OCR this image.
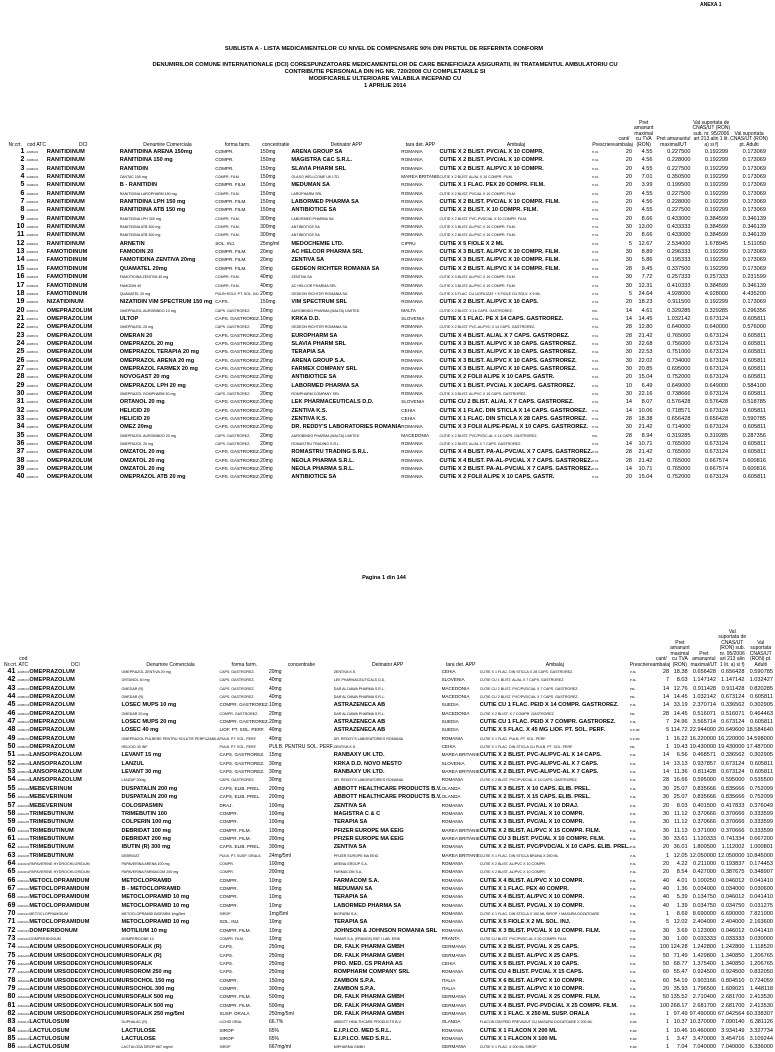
ANEXA 1
SUBLISTA A - LISTA MEDICAMENTELOR CU NIVEL DE COMPENSARE 90% DIN PRETUL DE REFERINTA CONFORM
DENUMIRILOR COMUNE INTERNATIONALE (DCI) CORESPUNZATOARE MEDICAMENTELOR DE CARE BENEFICIAZA ASIGURATII, IN TRATAMENTUL AMBULATORIU CU CONTRIBUTIE PERSONALA DIN HG NR. 720/2008 CU COMPLETARILE SI
MODIFICARILE ULTERIOARE VALABILA INCEPAND CU
1 APRILIE 2014
Nr.crt.	cod ATC	DCI	Denumire Comerciala	forma farm.	concentratie	Detinator APP	tara det. APP	Ambalaj	Prescriere	cant/ ambalaj	Pret amanunt maximal cu TVA (RON)	Pret amanuntul maximal/UT	Val suportata de CNAS/UT (RON) sub. nr. 95/2006 art 213 alin 1 lit. a) si f)	Val suportata CNAS/UT (RON) pt. Adulti
1	A02BA02	RANITIDINUM	RANITIDINA ARENA 150mg	COMPR.	150mg	ARENA GROUP SA	ROMANIA	CUTIE X 2 BLIST. PVC/AL X 10 COMPR.	P-6L	20	4.55	0.227500	0.192299	0.173069
2	A02BA02	RANITIDINUM	RANITIDINA 150 mg	COMPR.	150mg	MAGISTRA C&C S.R.L.	ROMANIA	CUTIE X 2 BLIST. PVC/AL X 10 COMPR.	P-6L	20	4.56	0.228000	0.192299	0.173069
3	A02BA02	RANITIDINUM	RANITIDIN	COMPR.	150mg	SLAVIA PHARM SRL	ROMANIA	CUTIE X 2 BLIST. AL/PVC X 10 COMPR.	P-6L	20	4.55	0.227500	0.192299	0.173069
4	A02BA02	RANITIDINUM	ZANTAC 150 mg	COMPR. FILM.	150mg	GLAXO WELLCOME UK LTD.	MAREA BRITANIE	CUTIE X 2 BLIST. AL/AL X 10 COMPR. FILM.	P-6L	20	7.01	0.350500	0.192299	0.173069
5	A02BA02	RANITIDINUM	B - RANITIDIN	COMPR. FILM.	150mg	MEDUMAN SA	ROMANIA	CUTIE X 1 FLAC. PEX 20 COMPR. FILM.	P-6L	20	3.99	0.199500	0.192299	0.173069
6	A02BA02	RANITIDINUM	RANITIDINA LAROPHARM 150 mg	COMPR. FILM.	150mg	LAROPHARM SRL	ROMANIA	CUTIE X 2 BLIST. PVC/AL X 10 COMPR. FILM.	P-6L	20	4.55	0.227500	0.192299	0.173069
7	A02BA02	RANITIDINUM	RANITIDINA LPH 150 mg	COMPR. FILM.	150mg	LABORMED PHARMA SA	ROMANIA	CUTIE X 2 BLIST. PVC/AL X 10 COMPR. FILM.	P-6L	20	4.56	0.228000	0.192299	0.173069
8	A02BA02	RANITIDINUM	RANITIDINA ATB 150 mg	COMPR. FILM.	150mg	ANTIBIOTICE SA	ROMANIA	CUTIE X 2 BLIST. X 10 COMPR. FILM.	P-6L	20	4.55	0.227500	0.192299	0.173069
9	A02BA02	RANITIDINUM	RANITIDINA LPH 300 mg	COMPR. FILM.	300mg	LABORMED PHARMA SA	ROMANIA	CUTIE X 2 BLIST. PVC-PVDC/AL X 10 COMPR. FILM.	P-6L	20	8.66	0.433000	0.384599	0.346139
10	A02BA02	RANITIDINUM	RANITIDINA ATB 300 mg	COMPR. FILM.	300mg	ANTIBIOTICE SA	ROMANIA	CUTIE X 3 BLIST. AL/PVC X 10 COMPR. FILM.	P-6L	30	13.00	0.433333	0.384599	0.346139
11	A02BA02	RANITIDINUM	RANITIDINA ATB 300 mg	COMPR. FILM.	300mg	ANTIBIOTICE SA	ROMANIA	CUTIE X 2 BLIST. AL/PVC X 10 COMPR. FILM.	P-6L	20	8.66	0.433000	0.384599	0.346139
12	A02BA02	RANITIDINUM	ARNETIN	SOL. INJ.	25mg/ml	MEDOCHEMIE LTD.	CIPRU	CUTIE X 5 FIOLE X 2 ML	P-6L	5	12.67	2.534000	1.678945	1.511050
13	A02BA03	FAMOTIDINUM	FAMODIN 20	COMPR. FILM.	20mg	AC HELCOR PHARMA SRL	ROMANIA	CUTIE X 3 BLIST. AL/PVC X 10 COMPR. FILM.	P-6L	30	8.89	0.296333	0.192299	0.173069
14	A02BA03	FAMOTIDINUM	FAMOTIDINA ZENTIVA 20mg	COMPR. FILM.	20mg	ZENTIVA SA	ROMANIA	CUTIE X 3 BLIST. AL/PVC X 10 COMPR. FILM.	P-6L	30	5.86	0.195333	0.192299	0.173069
15	A02BA03	FAMOTIDINUM	QUAMATEL 20mg	COMPR. FILM.	20mg	GEDEON RICHTER ROMANIA SA	ROMANIA	CUTIE X 2 BLIST. AL/PVC X 14 COMPR. FILM.	P-6L	28	9.45	0.337500	0.192299	0.173069
16	A02BA03	FAMOTIDINUM	FAMOTIDINA ZENTIVA 40 mg	COMPR. FILM.	40mg	ZENTIVA SA	ROMANIA	CUTIE X 3 BLIST. AL/PVC X 10 COMPR. FILM.	P-6L	30	7.72	0.257333	0.257333	0.231599
17	A02BA03	FAMOTIDINUM	FAMODIN 40	COMPR. FILM.	40mg	AC HELCOR PHARMA SRL	ROMANIA	CUTIE X 3 BLIST. AL/PVC X 10 COMPR. FILM.	P-6L	30	12.31	0.410333	0.384599	0.346139
18	A02BA03	FAMOTIDINUM	QUAMATEL 20 mg	PULB+SOLV. PT. SOL. INJ.	20mg	GEDEON RICHTER ROMANIA SA	ROMANIA	CUTIE X 5 FLAC. CU LIOFILIZAT + 5 FIOLE CU SOLV. X 5 ML	P-6L	5	24.64	4.928000	4.928000	4.435200
19	A02BA04	NIZATIDINUM	NIZATIDIN VIM SPECTRUM 150 mg	CAPS.	150mg	VIM SPECTRUM SRL	ROMANIA	CUTIE X 2 BLIST. AL/PVC X 10 CAPS.	P-6L	20	18.23	0.911500	0.192299	0.173069
20	A02BC01	OMEPRAZOLUM	OMEPRAZOL AUROBINDO 10 mg	CAPS. GASTROREZ.	10mg	AUROBINDO PHARMA (MALTA) LIMITED	MALTA	CUTIE X 2 BLIST. X 14 CAPS. GASTROREZ.	P6L	14	4.61	0.329285	0.329285	0.296356
21	A02BC01	OMEPRAZOLUM	ULTOP	CAPS. GASTROREZ.	10mg	KRKA D.D.	SLOVENIA	CUTIE X 1 FLAC. PE X 14 CAPS. GASTROREZ.	P-6L	14	14.45	1.032142	0.673124	0.605811
22	A02BC01	OMEPRAZOLUM	OMEPRAZOL 20 mg	CAPS. GASTROREZ.	20mg	GEDEON RICHTER ROMANIA SA	ROMANIA	CUTIE X 2 BLIST. PVC-AL/PVC X 14 CAPS. GASTROREZ.	P-6L	28	12.80	0.640000	0.640000	0.576000
23	A02BC01	OMEPRAZOLUM	OMERAN 20	CAPS. GASTROREZ.	20mg	EUROPHARM SA	ROMANIA	CUTIE X 4 BLIST. AL/AL X 7 CAPS. GASTROREZ.	P-6L	28	21.42	0.765000	0.673124	0.605811
24	A02BC01	OMEPRAZOLUM	OMEPRAZOL 20 mg	CAPS. GASTROREZ.	20mg	SLAVIA PHARM SRL	ROMANIA	CUTIE X 3 BLIST. AL/PVC X 10 CAPS. GASTROREZ.	P-6L	30	22.68	0.756000	0.673124	0.605811
25	A02BC01	OMEPRAZOLUM	OMEPRAZOL TERAPIA 20 mg	CAPS. GASTROREZ.	20mg	TERAPIA SA	ROMANIA	CUTIE X 3 BLIST. AL/PVC X 10 CAPS. GASTROREZ.	P-6L	30	22.53	0.751000	0.673124	0.605811
26	A02BC01	OMEPRAZOLUM	OMEPRAZOL ARENA 20 mg	CAPS. GASTROREZ.	20mg	ARENA GROUP S.A.	ROMANIA	CUTIE X 3 BLIST. AL/PVC X 10 CAPS. GASTROREZ.	P-6L	30	22.02	0.734000	0.673124	0.605811
27	A02BC01	OMEPRAZOLUM	OMEPRAZOL FARMEX 20 mg	CAPS. GASTROREZ.	20mg	FARMEX COMPANY SRL	ROMANIA	CUTIE X 3 BLIST. AL/PVC X 10 CAPS. GASTROREZ.	P-6L	30	20.85	0.695000	0.673124	0.605811
28	A02BC01	OMEPRAZOLUM	NOVOGAST 20 mg	CAPS. GASTROREZ.	20mg	ANTIBIOTICE SA	ROMANIA	CUTIE X 2 FOLII AL/PE X 10 CAPS. GASTR.	P-6L	20	15.04	0.752000	0.673124	0.605811
29	A02BC01	OMEPRAZOLUM	OMEPRAZOL LPH 20 mg	CAPS. GASTROREZ.	20mg	LABORMED PHARMA SA	ROMANIA	CUTIE X 1 BLIST. PVC/AL X 10CAPS. GASTROREZ.	P-6L	10	6.49	0.649000	0.649000	0.584100
30	A02BC01	OMEPRAZOLUM	OMEPRAZOL ROMPHARM 20 mg	CAPS. GASTROREZ.	20mg	ROMPHARM COMPANY SRL	ROMANIA	CUTIE X 3 BLIST. AL/PVC X 10 CAPS. GASTROREZ.	P-6L	30	22.16	0.738666	0.673124	0.605811
31	A02BC01	OMEPRAZOLUM	ORTANOL 20 mg	CAPS. GASTROREZ.	20mg	LEK PHARMACEUTICALS D.D.	SLOVENIA	CUTIE CU 2 BLIST. AL/AL X 7 CAPS. GASTROREZ.	P-6L	14	8.07	0.576428	0.576428	0.518785
32	A02BC01	OMEPRAZOLUM	HELICID 20	CAPS. GASTROREZ.	20mg	ZENTIVA K.S.	CEHIA	CUTIE X 1 FLAC. DIN STICLA X 14 CAPS. GASTROREZ.	P-6L	14	10.06	0.718571	0.673124	0.605811
33	A02BC01	OMEPRAZOLUM	HELICID 20	CAPS. GASTROREZ.	20mg	ZENTIVA K.S.	CEHIA	CUTIE X 1 FLAC. DIN STICLA X 28 CAPS. GASTROREZ.	P-6L	28	18.38	0.656428	0.656428	0.590785
34	A02BC01	OMEPRAZOLUM	OMEZ 20mg	CAPS. GASTROREZ.	20mg	DR. REDDY'S LABORATORIES ROMANIA	ROMANIA	CUTIE X 3 FOLII AL/PE-PE/AL X 10 CAPS. GASTROREZ.	P-6L	30	21.42	0.714000	0.673124	0.605811
35	A02BC01	OMEPRAZOLUM	OMEPRAZOL AUROBINDO 20 mg	CAPS. GASTROREZ.	20mg	AUROBINDO PHARMA (MALTA) LIMITED	MACEDONIA	CUTIE X 2 BLIST. PVC/PVDC-AL X 14 CAPS. GASTROREZ.	P6L	28	8.94	0.319285	0.319285	0.287356
36	A02BC01	OMEPRAZOLUM	OMEPRAZOL 20 mg	CAPS. GASTROREZ.	20mg	ROMASTRU TRADING S.R.L.	ROMANIA	CUTIE X 2 BLIST. AL/AL X 7 CAPS. GASTROREZ.	P-6L	14	10.71	0.765000	0.673124	0.605811
37	A02BC01	OMEPRAZOLUM	OMZATOL 20 mg	CAPS. GASTROREZ.	20mg	ROMASTRU TRADING S.R.L.	ROMANIA	CUTIE X 4 BLIST. PA-AL-PVC/AL X 7 CAPS. GASTROREZ.	P-6L	28	21.42	0.765000	0.673124	0.605811
38	A02BC01	OMEPRAZOLUM	OMZATOL 20 mg	CAPS. GASTROREZ.	20mg	NEOLA PHARMA S.R.L.	ROMANIA	CUTIE X 4 BLIST. PA-AL-PVC/AL X 7 CAPS. GASTROREZ.	P-6L	28	21.42	0.765000	0.667574	0.600816
39	A02BC01	OMEPRAZOLUM	OMZATOL 20 mg	CAPS. GASTROREZ.	20mg	NEOLA PHARMA S.R.L.	ROMANIA	CUTIE X 2 BLIST. PA-AL-PVC/AL X 7 CAPS. GASTROREZ.	P-6L	14	10.71	0.765000	0.667574	0.600816
40	A02BC01	OMEPRAZOLUM	OMEPRAZOL ATB 20 mg	CAPS. GASTROREZ.	20mg	ANTIBIOTICE SA	ROMANIA	CUTIE X 2 FOLII AL/PE X 10 CAPS. GASTR.	P-6L	20	15.04	0.752000	0.673124	0.605811
Pagina 1 din 144
Nr.crt.	cod ATC	DCI	Denumire Comerciala	forma farm.	concentratie	Detinator APP	tara det. APP	Ambalaj	Prescriere	cant/ ambalaj	Pret amanunt maximal cu TVA (RON)	Pret amanuntul maximal/UT	Val suportata de CNAS/UT (RON) sub. nr. 95/2006 art 213 alin 1 lit. a) si f)	Val suportata CNAS/UT (RON) pt. Adulti
41	A02BC01	OMEPRAZOLUM	OMEPRAZOL ZENTIVA 20 mg	CAPS. GASTROREZ.	20mg	ZENTIVA K.S.	CEHIA	CUTIE X 1 FLAC. DIN STICLA X 28 CAPS. GASTROREZ.	P-6L	28	18.38	0.656428	0.656428	0.590785
42	A02BC01	OMEPRAZOLUM	ORTANOL 40 mg	CAPS. GASTROREZ.	40mg	LEK PHARMACEUTICALS D.D.	SLOVENIA	CUTIE CU 1 BLIST. AL/AL X 7 CAPS. GASTROREZ.	P-6L	7	8.03	1.147142	1.147142	1.032427
43	A02BC01	OMEPRAZOLUM	OMEDAR (R)	CAPS. GASTROREZ.	40mg	DAR AL DAWA PHARMA S.R.L.	MACEDONIA	CUTIE CU 2 BLIST. PVC/PVDC/AL X 7 CAPS. GASTROREZ.	P6L	14	12.76	0.911428	0.911428	0.820285
44	A02BC01	OMEPRAZOLUM	OMEDAR (R)	CAPS. GASTROREZ.	40mg	DAR AL DAWA PHARMA S.R.L.	MACEDONIA	CUTIE CU 2 BLIST. PVC/PVDC/AL X 7 CAPS. GASTROREZ.	P6L	14	14.45	1.032142	0.673124	0.605811
45	A02BC01	OMEPRAZOLUM	LOSEC MUPS 10 mg	COMPR. GASTROREZ.	10mg	ASTRAZENECA AB	SUEDIA	CUTIE CU 1 FLAC. PEID X 14 COMPR. GASTROREZ.	P-6L	14	33.19	2.370714	0.336562	0.302905
46	A02BC01	OMEPRAZOLUM	OMEDAR 20 mg	COMPR. GASTROREZ.	20mg	DAR AL DAWA PHARMA S.R.L.	MACEDONIA	CUTIE X 2 BLIST. X 7 COMPR. GASTROREZ.	P6L	28	14.45	0.516071	0.516071	0.464463
47	A02BC01	OMEPRAZOLUM	LOSEC MUPS 20 mg	COMPR. GASTROREZ.	20mg	ASTRAZENECA AB	SUEDIA	CUTIE CU 1 FLAC. PEID X 7 COMPR. GASTROREZ.	P-6L	7	24.96	3.565714	0.673124	0.605811
48	A02BC01	OMEPRAZOLUM	LOSEC 40 mg	LIOF. PT. SOL. PERF.	40mg	ASTRAZENECA AB	SUEDIA	CUTIE X 5 FLAC. X 45 MG LIOF. PT. SOL. PERF.	S-P-RF	5	114.72	22.944000	20.649600	18.584640
49	A02BC01	OMEPRAZOLUM	OMEPRAZOL PULBERE PENTRU SOLUTIE PERFUZABILA	PULB. PT. SOL. PERF.	40mg	DR. REDDY'S LABORATORIES ROMANIA	ROMANIA	CUTIE X 1 FLAC. PULB. PT. SOL. PERF.	S-P-RF	1	16.22	16.220000	16.220000	14.598000
50	A02BC01	OMEPRAZOLUM	HELICID 40 INF	PULB. PT. SOL. PERF.	PULB. PENTRU SOL. PERF.	ZENTIVA K.S.	CEHIA	CUTIE X 1 FLAC. DIN STICLA CU PULB. PT. SOL. PERF.	P6L	1	19.43	19.430000	19.430000	17.487000
51	A02BC03	LANSOPRAZOLUM	LEVANT 15 mg	CAPS. GASTROREZ.	15mg	RANBAXY UK LTD.	MAREA BRITANIE	CUTIE X 2 BLIST. PVC-AL/PVC-AL X 14 CAPS.	P-6L	14	6.56	0.468571	0.336562	0.302905
52	A02BC03	LANSOPRAZOLUM	LANZUL	CAPS. GASTROREZ.	30mg	KRKA D.D. NOVO MESTO	SLOVENIA	CUTIE X 2 BLIST. PVC-AL/PVC-AL X 7 CAPS.	P-6L	14	13.13	0.937857	0.673124	0.605811
53	A02BC03	LANSOPRAZOLUM	LEVANT 30 mg	CAPS. GASTROREZ.	30mg	RANBAXY UK LTD.	MAREA BRITANIE	CUTIE X 2 BLIST. PVC-AL/PVC-AL X 7 CAPS.	P-6L	14	11.36	0.811428	0.673124	0.605811
54	A02BC03	LANSOPRAZOLUM	LANZAP 30mg	CAPS. GASTROREZ.	30mg	DR. REDDY'S LABORATORIES ROMANIA	ROMANIA	CUTIE X 2 BLIST. PVC/PVDC/AL X 14 CAPS. GASTROREZ.	P-6L	28	16.66	0.595000	0.595000	0.535500
55	A03AA04	MEBEVERINUM	DUSPATALIN 200 mg	CAPS. ELIB. PREL.	200mg	ABBOTT HEALTHCARE PRODUCTS B.V.	OLANDA	CUTIE X 3 BLIST. X 10 CAPS. ELIB. PREL.	P-6L	30	25.07	0.835666	0.835666	0.752099
56	A03AA04	MEBEVERINUM	DUSPATALIN 200 mg	CAPS. ELIB. PREL.	200mg	ABBOTT HEALTHCARE PRODUCTS B.V.	OLANDA	CUTIE X 2 BLIST. X 15 CAPS. ELIB. PREL.	P-6L	30	25.07	0.835666	0.835666	0.752099
57	A03AA04	MEBEVERINUM	COLOSPASMIN	DRAJ.	100mg	ZENTIVA SA	ROMANIA	CUTIE X 2 BLIST. PVC/AL X 10 DRAJ.	P-6L	20	8.03	0.401500	0.417833	0.376049
58	A03AA05	TRIMEBUTINUM	TRIMEBUTIN 100	COMPR.	100mg	MAGISTRA C & C	ROMANIA	CUTIE X 3 BLIST. PVC/AL X 10 COMPR.	P-6L	30	11.12	0.370666	0.370666	0.333599
59	A03AA05	TRIMEBUTINUM	COLPERIN 100 mg	COMPR.	100mg	TERAPIA SA	ROMANIA	CUTIE X 3 BLIST. PVC/AL X 10 COMPR.	P-6L	30	11.12	0.370666	0.370666	0.333599
60	A03AA05	TRIMEBUTINUM	DEBRIDAT 100 mg	COMPR. FILM.	100mg	PFIZER EUROPE MA EEIG	MAREA BRITANIE	CUTIE X 2 BLIST. AL/PVC X 15 COMPR. FILM.	P-6L	30	11.13	0.371000	0.370666	0.333599
61	A03AA05	TRIMEBUTINUM	DEBRIDAT 200 mg	COMPR. FILM.	200mg	PFIZER EUROPE MA EEIG	MAREA BRITANIE	CUTIE CU 3 BLIST. PVC/AL X 10 COMPR. FILM.	P-6L	30	33.61	1.120333	0.741334	0.667200
62	A03AA05	TRIMEBUTINUM	IBUTIN (R) 300 mg	CAPS. ELIB. PREL.	300mg	ZENTIVA SA	ROMANIA	CUTIE X 2 BLIST. PVC/PVDC/AL X 10 CAPS. ELIB. PREL.	P-6L	20	36.01	1.800500	1.112002	1.000801
63	A03AA05	TRIMEBUTINUM	DEBRIDAT	PULB. PT. SUSP. ORALA	24mg/5ml	PFIZER EUROPE MA EEIG	MAREA BRITANIE	CUTIE X 1 FLAC. DIN STICLA BRUNA X 250 ML	P-6L	1	12.05	12.050000	12.050000	10.845000
64	A03AD01	PAPAVERINE HYDROCHLORIDUM	PAPAVERINA ARENA 100 mg	COMPR.	100mg	ARENA GROUP S.A.	ROMANIA	CUTIE X 2 BLIST. AL/PVC X 10 COMPR.	P-6L	20	4.22	0.211000	0.193837	0.174453
65	A03AD01	PAPAVERINE HYDROCHLORIDUM	PAPAVERINA FARMACOM 200 mg	COMPR.	200mg	FARMACOM S.A.	ROMANIA	CUTIE X 2 BLIST. AL/PVC X 10 COMPR.	P-6L	20	8.54	0.427000	0.387675	0.348907
66	A03FA01	METOCLOPRAMIDUM	METOCLOPRAMID	COMPR.	10mg	FARMACOM S.A.	ROMANIA	CUTIE X 4 BLIST. AL/PVC X 10 COMPR.	P-6L	40	4.01	0.100250	0.046012	0.041410
67	A03FA01	METOCLOPRAMIDUM	B - METOCLOPRAMID	COMPR.	10mg	MEDUMAN SA	ROMANIA	CUTIE X 1 FLAC. PEX 40 COMPR.	P-6L	40	1.36	0.034000	0.034000	0.030600
68	A03FA01	METOCLOPRAMIDUM	METOCLOPRAMID 10 mg	COMPR.	10mg	TERAPIA SA	ROMANIA	CUTIE X 4 BLIST. AL/PVC X 10 COMPR.	P-6L	40	5.39	0.134750	0.046012	0.041410
69	A03FA01	METOCLOPRAMIDUM	METOCLOPRAMID 10 mg	COMPR.	10mg	LABORMED PHARMA SA	ROMANIA	CUTIE X 4 BLIST. PVC/AL X 10 COMPR.	P-6L	40	1.39	0.034750	0.034750	0.031275
70	A03FA01	METOCLOPRAMIDUM	METOCLOPRAMID BIOFARM 1mg/5ml	SIROP	1mg/5ml	BIOFARM S.A.	ROMANIA	CUTIE X 1 FLAC. DIN STICLA X 100 ML SIROP + MASURA DOZATOARE	P-6L	1	8.69	8.690000	6.690000	7.821000
71	A03FA01	METOCLOPRAMIDUM	METOCLOPRAMID 10 mg	SOL. INJ.	10mg	TERAPIA SA	ROMANIA	CUTIE X 5 FIOLE X 2 ML SOL. INJ.	P-6L	5	12.02	2.404000	2.404000	2.163600
72	A03FA03	DOMPERIDONUM	MOTILIUM 10 mg	COMPR. FILM.	10mg	JOHNSON & JOHNSON ROMANIA SRL	ROMANIA	CUTIE X 3 BLIST. PVC/AL X 10 COMPR. FILM.	P-6L	30	3.69	0.123000	0.046012	0.041410
73	A03FA03	DOMPERIDONUM	DOMPERIDONE 10	COMPR. FILM.	10mg	FAMAR S.A. (FRANCE) EBT / LAB. ERIK	FRANTA	CUTIE CU BLIST. PVC/PVDC-AL X 30 COMPR. FILM.	P-6L	30	1.00	0.033333	0.033333	0.030000
74	A05AA02	ACIDUM URSODEOXYCHOLICUM	URSOFALK (R)	CAPS.	250mg	DR. FALK PHARMA GMBH	GERMANIA	CUTIE X 2 BLIST. PVC/AL X 25 CAPS.	P-6L	100	124.28	1.242800	1.242800	1.118520
75	A05AA02	ACIDUM URSODEOXYCHOLICUM	URSOFALK (R)	CAPS.	250mg	DR. FALK PHARMA GMBH	GERMANIA	CUTIE X 2 BLIST. AL/PVC X 25 CAPS.	P-6L	50	71.49	1.429800	1.340850	1.206765
76	A05AA02	ACIDUM URSODEOXYCHOLICUM	URSOFALK	CAPS.	250mg	PRO. MED. CS PRAHA AS	CEHIA	CUTIE X 5 BLIST. PVC/AL X 10 CAPS.	P-6L	50	68.77	1.375400	1.340850	1.206765
77	A05AA02	ACIDUM URSODEOXYCHOLICUM	URSOROM 250 mg	CAPS.	250mg	ROMPHARM COMPANY SRL	ROMANIA	CUTIE CU 4 BLIST. PVC/AL X 15 CAPS.	P-6L	60	55.47	0.924500	0.924500	0.832050
78	A05AA02	ACIDUM URSODEOXYCHOLICUM	URSOCHOL 150 mg	COMPR.	150mg	ZAMBON S.P.A.	ITALIA	CUTIE X 6 BLIST. AL/PVC X 10 COMPR.	P-6L	60	54.19	0.903166	0.804510	0.724059
79	A05AA02	ACIDUM URSODEOXYCHOLICUM	URSOCHOL 300 mg	COMPR.	300mg	ZAMBON S.P.A.	ITALIA	CUTIE X 2 BLIST. AL/PVC X 10 COMPR.	P-6L	20	35.93	1.796500	1.609021	1.448118
80	A05AA02	ACIDUM URSODEOXYCHOLICUM	URSOFALK 500 mg	COMPR. FILM.	500mg	DR. FALK PHARMA GMBH	GERMANIA	CUTIE X 2 BLIST. PVC/AL X 25 COMPR. FILM.	P-6L	50	135.52	2.710400	2.681700	2.413530
81	A05AA02	ACIDUM URSODEOXYCHOLICUM	URSOFALK 500 mg	COMPR. FILM.	500mg	DR. FALK PHARMA GMBH	GERMANIA	CUTIE X 4 BLIST. PVC-PVDC/AL X 25 COMPR. FILM.	P-6L	100	268.17	2.681700	2.681700	2.413530
82	A05AA02	ACIDUM URSODEOXYCHOLICUM	URSOFALK 250 mg/5ml	SUSP. ORALA	250mg/5ml	DR. FALK PHARMA GMBH	GERMANIA	CUTIE X 1 FLAC. X 250 ML SUSP. ORALA	P-6L	1	97.49	97.490000	67.042564	60.338307
83	A06AD11	LACTULOSUM	DUPHALAC (R)	LICHID ORAL	66.7%	ABBOTT HEALTHCARE PRODUCTS B.V.	OLANDA	FLACON DIN PEID PREVAZUT CU MASURA DOZATOARE X 200 ML	P-RF	1	10.37	10.370000	7.090140	6.381126
84	A06AD11	LACTULOSUM	LACTULOSE	SIROP	65%	E.I.P.I.CO. MED S.R.L.	ROMANIA	CUTIE X 1 FLACON X 200 ML	P-RF	1	10.46	10.460000	3.934149	3.327734
85	A06AD11	LACTULOSUM	LACTULOSE	SIROP	65%	E.I.P.I.CO. MED S.R.L.	ROMANIA	CUTIE X 1 FLACON X 100 ML	P-RF	1	3.47	3.470000	3.454716	3.109244
86	A06AD11	LACTULOSUM	LACTULOSA SIROP 667 mg/ml	SIROP	667mg/ml	MIPHARMA GMBH	GERMANIA	CUTIE X 1 FLAC. X 200 ML SIROP	P-RF	1	7.04	7.040000	7.040000	6.336000
